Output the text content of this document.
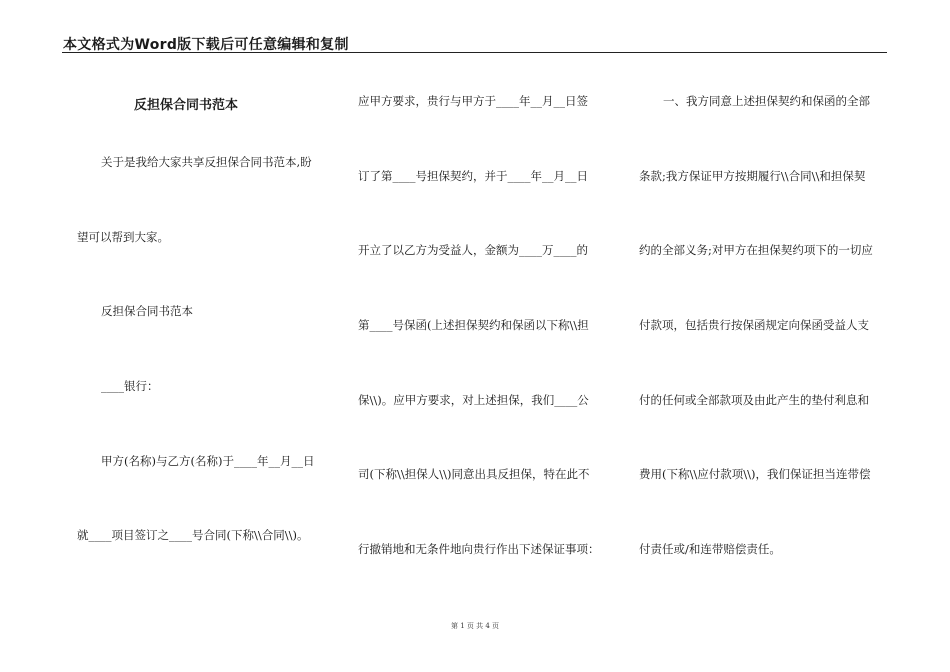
本文格式为Word版下载后可任意编辑和复制
反担保合同书范本
关于是我给大家共享反担保合同书范本,盼
望可以帮到大家。
反担保合同书范本
____银行：
甲方(名称)与乙方(名称)于____年__月__日
就____项目签订之____号合同(下称\\合同\\)。
应甲方要求，贵行与甲方于____年__月__日签
订了第____号担保契约，并于____年__月__日
开立了以乙方为受益人，金额为____万____的
第____号保函(上述担保契约和保函以下称\\担
保\\)。应甲方要求，对上述担保，我们____公
司(下称\\担保人\\)同意出具反担保，特在此不
行撤销地和无条件地向贵行作出下述保证事项：
一、我方同意上述担保契约和保函的全部
条款;我方保证甲方按期履行\\合同\\和担保契
约的全部义务;对甲方在担保契约项下的一切应
付款项，包括贵行按保函规定向保函受益人支
付的任何或全部款项及由此产生的垫付利息和
费用(下称\\应付款项\\)，我们保证担当连带偿
付责任或/和连带赔偿责任。
第 1 页 共 4 页
